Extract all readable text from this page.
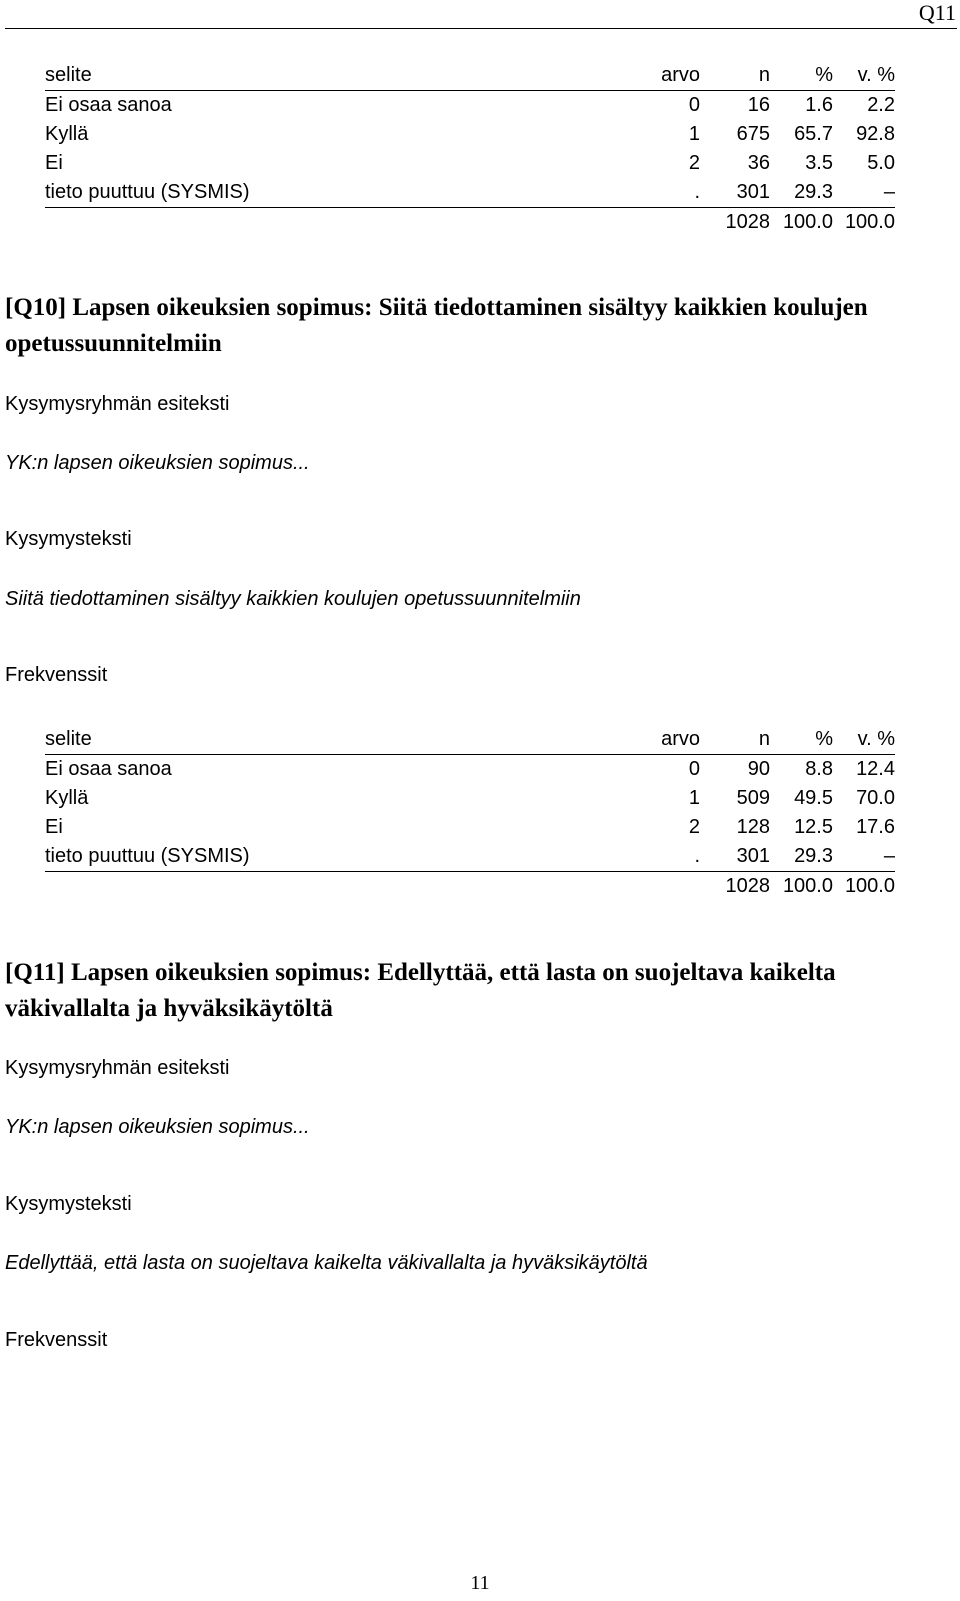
Q11
selite	arvo	n	%	v. %
Ei osaa sanoa	0	16	1.6	2.2
Kyllä	1	675	65.7	92.8
Ei	2	36	3.5	5.0
tieto puuttuu (SYSMIS)	.	301	29.3	–
		1028	100.0	100.0
[Q10] Lapsen oikeuksien sopimus: Siitä tiedottaminen sisältyy kaikkien koulujen opetussuunnitelmiin
Kysymysryhmän esiteksti
YK:n lapsen oikeuksien sopimus...
Kysymysteksti
Siitä tiedottaminen sisältyy kaikkien koulujen opetussuunnitelmiin
Frekvenssit
selite	arvo	n	%	v. %
Ei osaa sanoa	0	90	8.8	12.4
Kyllä	1	509	49.5	70.0
Ei	2	128	12.5	17.6
tieto puuttuu (SYSMIS)	.	301	29.3	–
		1028	100.0	100.0
[Q11] Lapsen oikeuksien sopimus: Edellyttää, että lasta on suojeltava kaikelta väkivallalta ja hyväksikäytöltä
Kysymysryhmän esiteksti
YK:n lapsen oikeuksien sopimus...
Kysymysteksti
Edellyttää, että lasta on suojeltava kaikelta väkivallalta ja hyväksikäytöltä
Frekvenssit
11
